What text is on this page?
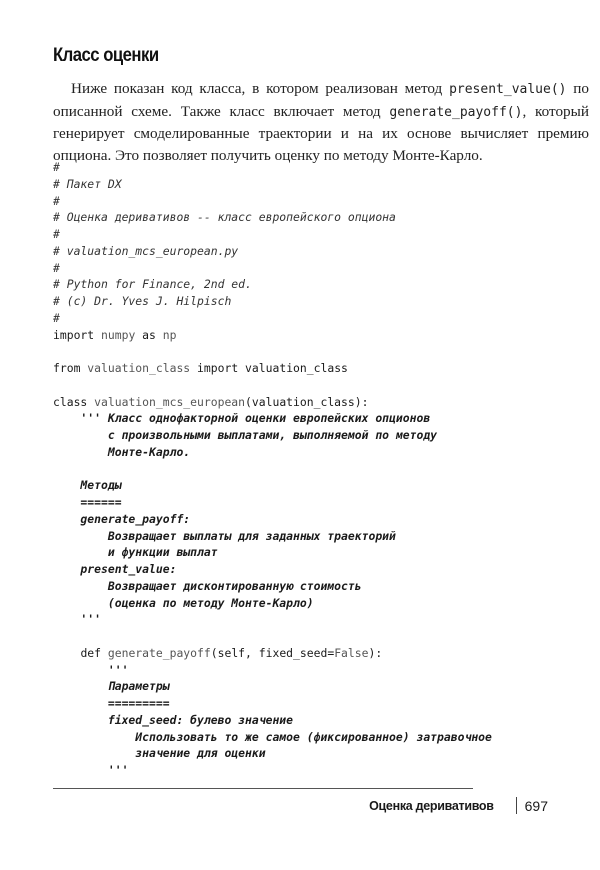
Класс оценки

Ниже показан код класса, в котором реализован метод present_value() по описанной схеме. Также класс включает метод generate_payoff(), который генерирует смоделированные траектории и на их основе вычисляет премию опциона. Это позволяет получить оценку по методу Монте-Карло.

#
# Пакет DX
#
# Оценка деривативов -- класс европейского опциона
#
# valuation_mcs_european.py
#
# Python for Finance, 2nd ed.
# (c) Dr. Yves J. Hilpisch
#
import numpy as np
from valuation_class import valuation_class
class valuation_mcs_european(valuation_class):
''' Класс однофакторной оценки европейских опционов
с произвольными выплатами, выполняемой по методу
Монте-Карло.
Методы
======
generate_payoff:
Возвращает выплаты для заданных траекторий
и функции выплат
present_value:
Возвращает дисконтированную стоимость
(оценка по методу Монте-Карло)
'''
def generate_payoff(self, fixed_seed=False):
'''
Параметры
=========
fixed_seed: булево значение
Использовать то же самое (фиксированное) затравочное
значение для оценки
'''
Оценка деривативов 697
